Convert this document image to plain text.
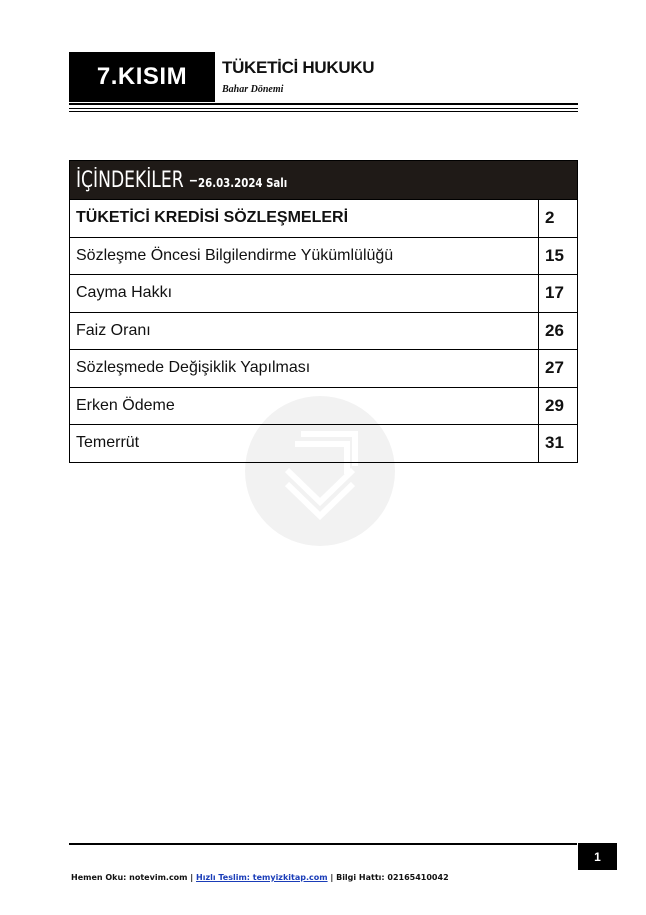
7.KISIM	TÜKETİCİ HUKUKU
Bahar Dönemi
İÇİNDEKİLER – 26.03.2024 Salı
TÜKETİCİ KREDİSİ SÖZLEŞMELERİ	2
Sözleşme Öncesi Bilgilendirme Yükümlülüğü	15
Cayma Hakkı	17
Faiz Oranı	26
Sözleşmede Değişiklik Yapılması	27
Erken Ödeme	29
Temerrüt	31
1
Hemen Oku: notevim.com | Hızlı Teslim: temyizkitap.com | Bilgi Hattı: 02165410042
